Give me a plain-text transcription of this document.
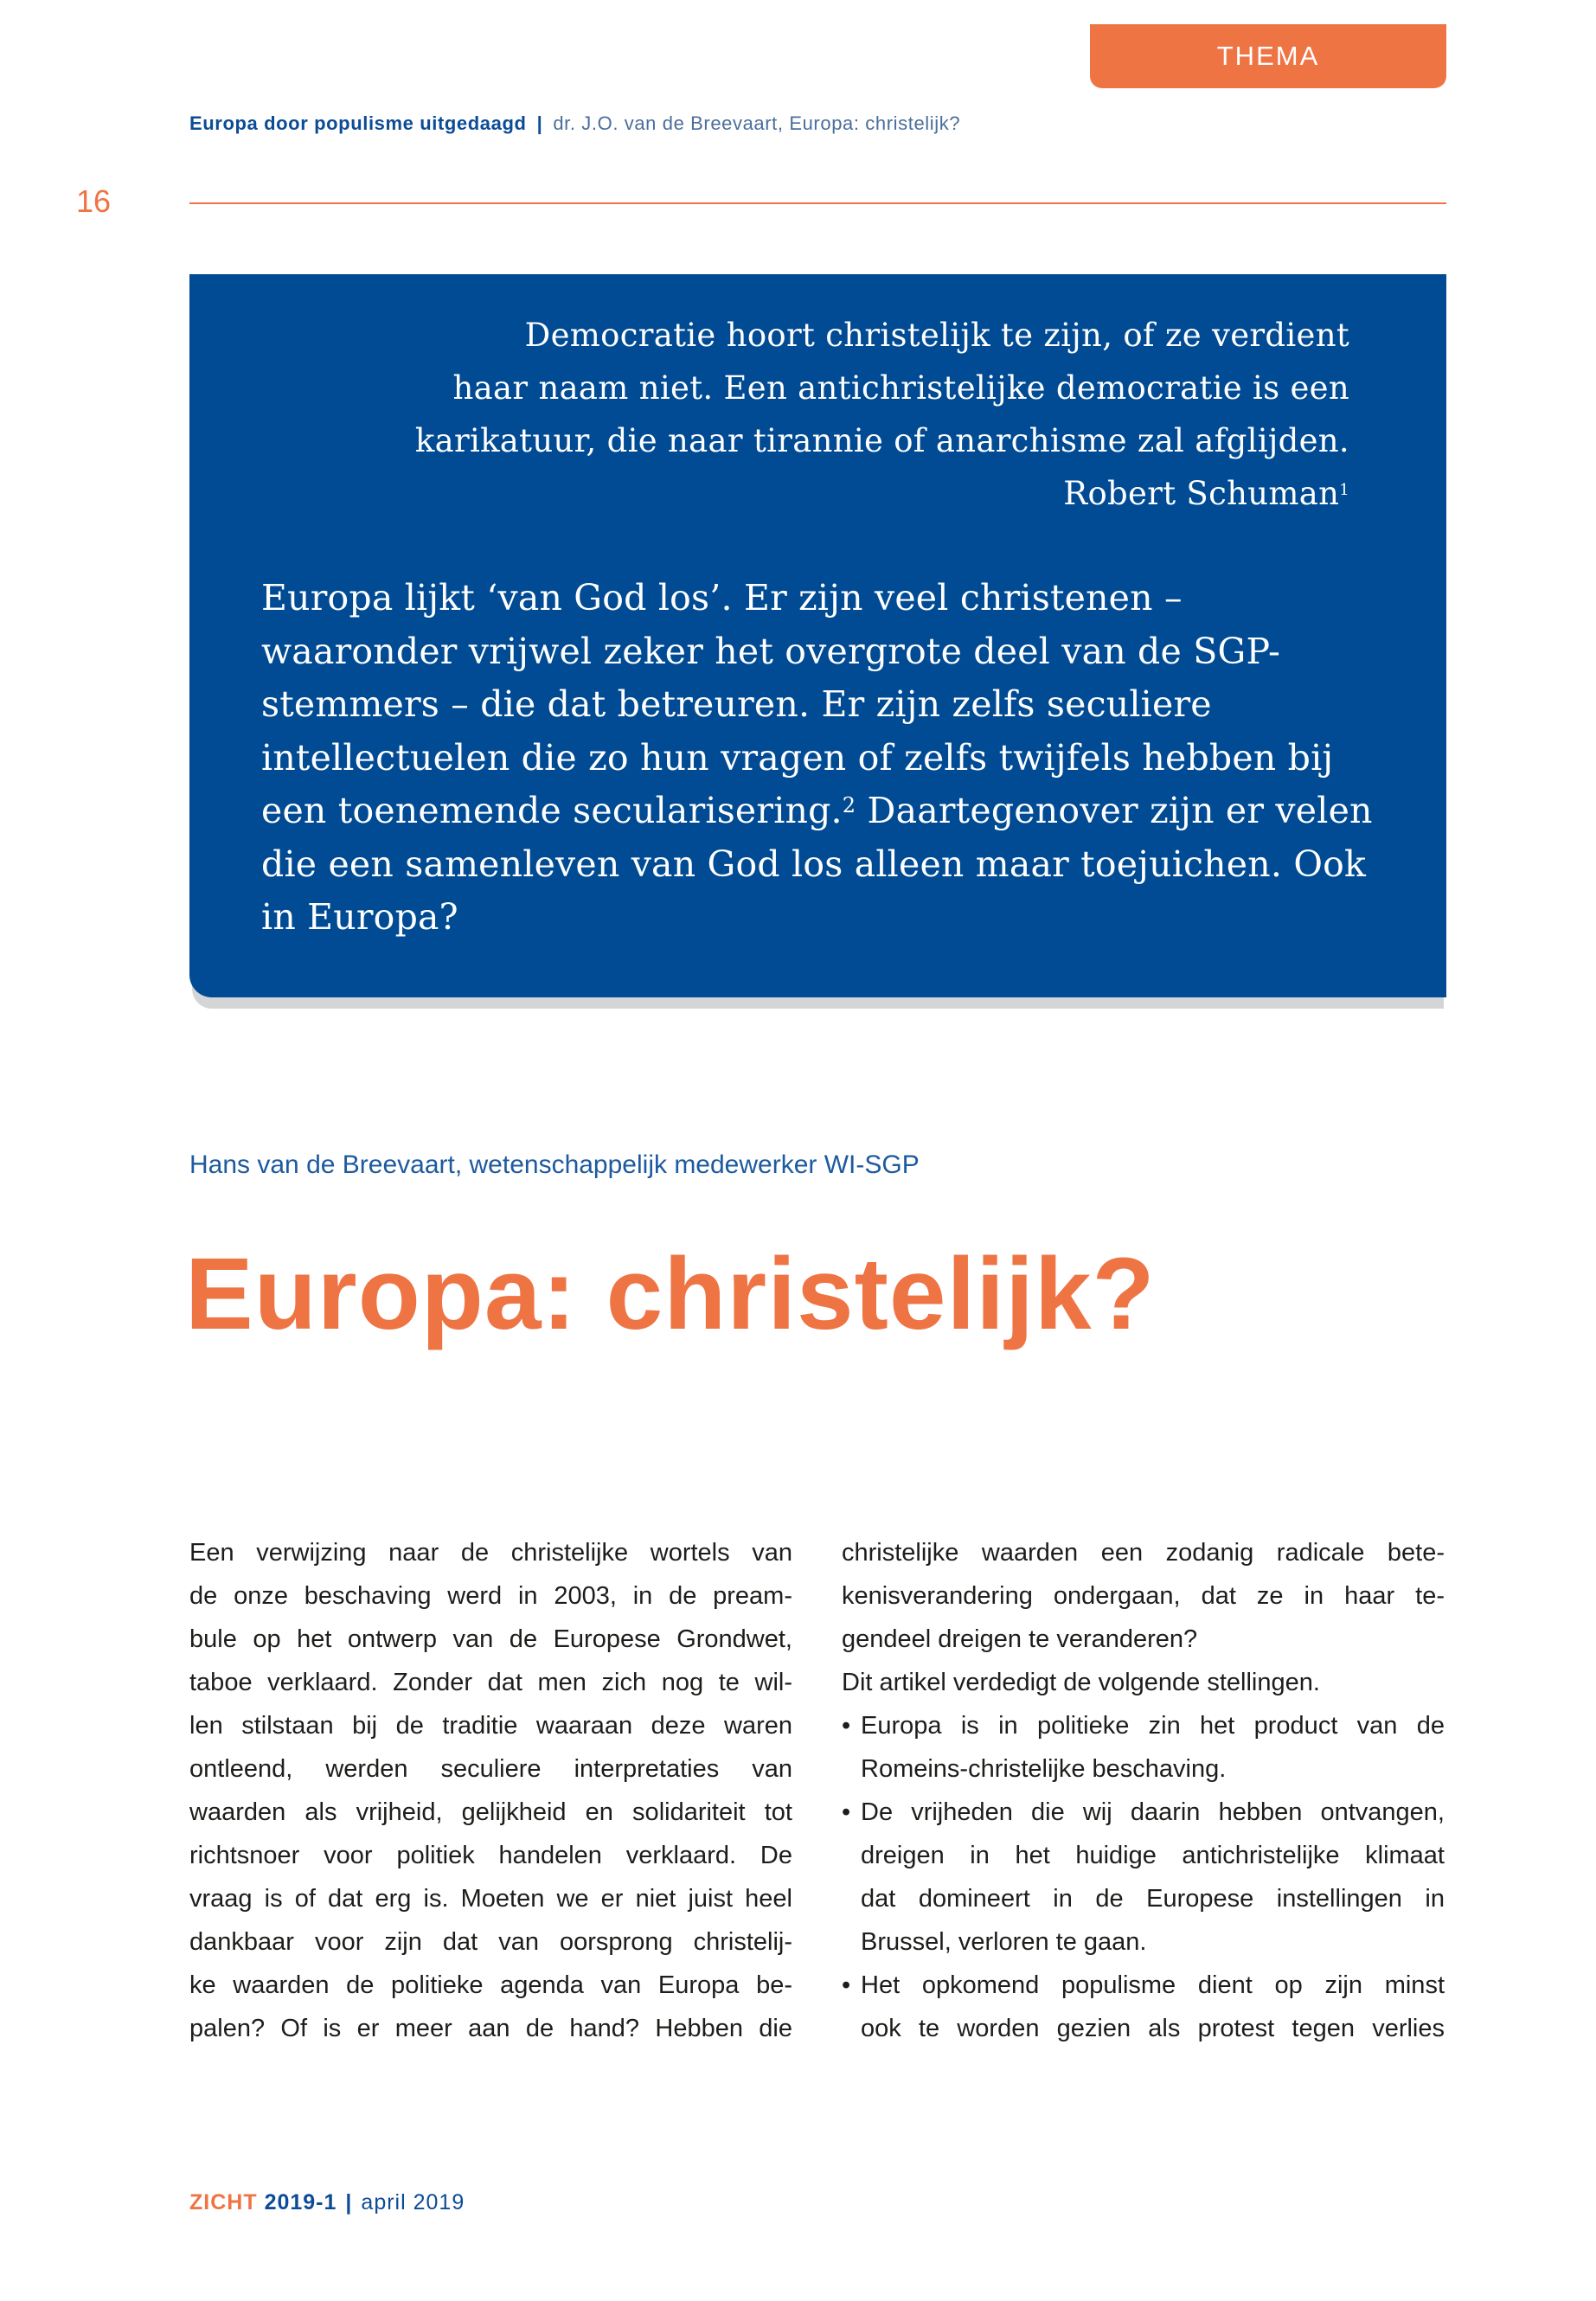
THEMA
Europa door populisme uitgedaagd | dr. J.O. van de Breevaart, Europa: christelijk?
16
Democratie hoort christelijk te zijn, of ze verdient
haar naam niet. Een antichristelijke democratie is een
karikatuur, die naar tirannie of anarchisme zal afglijden.
Robert Schuman$^1$
Europa lijkt ‘van God los’. Er zijn veel christenen –
waaronder vrijwel zeker het overgrote deel van de SGP-
stemmers – die dat betreuren. Er zijn zelfs seculiere
intellectuelen die zo hun vragen of zelfs twijfels hebben bij
een toenemende secularisering.$^2$ Daartegenover zijn er velen
die een samenleven van God los alleen maar toejuichen. Ook
in Europa?
Hans van de Breevaart, wetenschappelijk medewerker WI-SGP
Europa: christelijk?
Een verwijzing naar de christelijke wortels van
de onze beschaving werd in 2003, in de pream-
bule op het ontwerp van de Europese Grondwet,
taboe verklaard. Zonder dat men zich nog te wil-
len stilstaan bij de traditie waaraan deze waren
ontleend, werden seculiere interpretaties van
waarden als vrijheid, gelijkheid en solidariteit tot
richtsnoer voor politiek handelen verklaard. De
vraag is of dat erg is. Moeten we er niet juist heel
dankbaar voor zijn dat van oorsprong christelij-
ke waarden de politieke agenda van Europa be-
palen? Of is er meer aan de hand? Hebben die
christelijke waarden een zodanig radicale bete-
kenisverandering ondergaan, dat ze in haar te-
gendeel dreigen te veranderen?
Dit artikel verdedigt de volgende stellingen.
• Europa is in politieke zin het product van de
Romeins-christelijke beschaving.
• De vrijheden die wij daarin hebben ontvangen,
dreigen in het huidige antichristelijke klimaat
dat domineert in de Europese instellingen in
Brussel, verloren te gaan.
• Het opkomend populisme dient op zijn minst
ook te worden gezien als protest tegen verlies
ZICHT 2019-1 | april 2019
